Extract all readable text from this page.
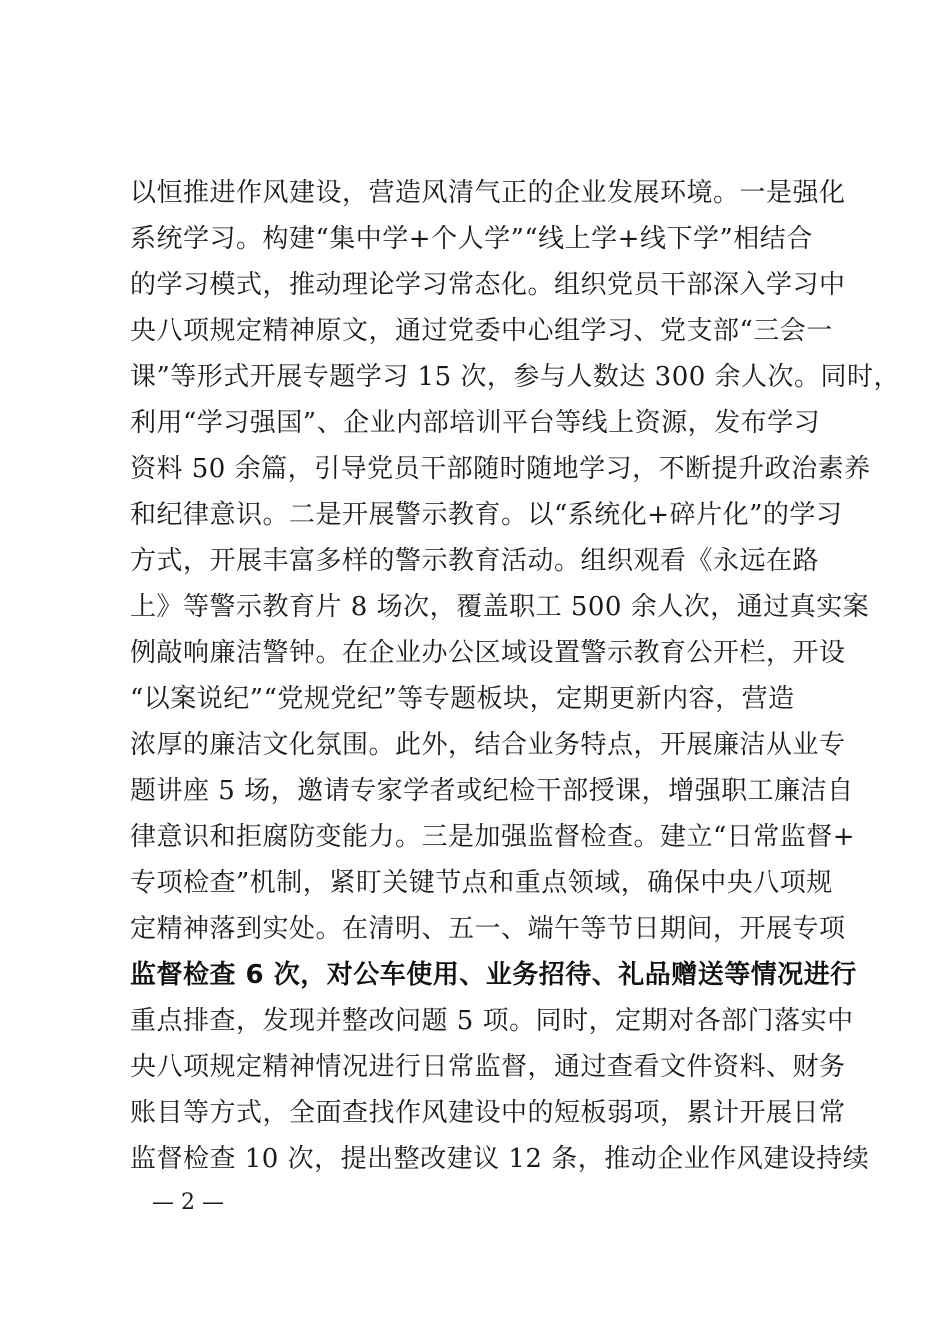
以恒推进作风建设，营造风清气正的企业发展环境。一是强化
系统学习。构建“集中学+个人学”“线上学+线下学”相结合
的学习模式，推动理论学习常态化。组织党员干部深入学习中
央八项规定精神原文，通过党委中心组学习、党支部“三会一
课”等形式开展专题学习 15 次，参与人数达 300 余人次。同时，
利用“学习强国”、企业内部培训平台等线上资源，发布学习
资料 50 余篇，引导党员干部随时随地学习，不断提升政治素养
和纪律意识。二是开展警示教育。以“系统化+碎片化”的学习
方式，开展丰富多样的警示教育活动。组织观看《永远在路
上》等警示教育片 8 场次，覆盖职工 500 余人次，通过真实案
例敲响廉洁警钟。在企业办公区域设置警示教育公开栏，开设
“以案说纪”“党规党纪”等专题板块，定期更新内容，营造
浓厚的廉洁文化氛围。此外，结合业务特点，开展廉洁从业专
题讲座 5 场，邀请专家学者或纪检干部授课，增强职工廉洁自
律意识和拒腐防变能力。三是加强监督检查。建立“日常监督+
专项检查”机制，紧盯关键节点和重点领域，确保中央八项规
定精神落到实处。在清明、五一、端午等节日期间，开展专项
监督检查 6 次，对公车使用、业务招待、礼品赠送等情况进行
重点排查，发现并整改问题 5 项。同时，定期对各部门落实中
央八项规定精神情况进行日常监督，通过查看文件资料、财务
账目等方式，全面查找作风建设中的短板弱项，累计开展日常
监督检查 10 次，提出整改建议 12 条，推动企业作风建设持续
— 2 —
